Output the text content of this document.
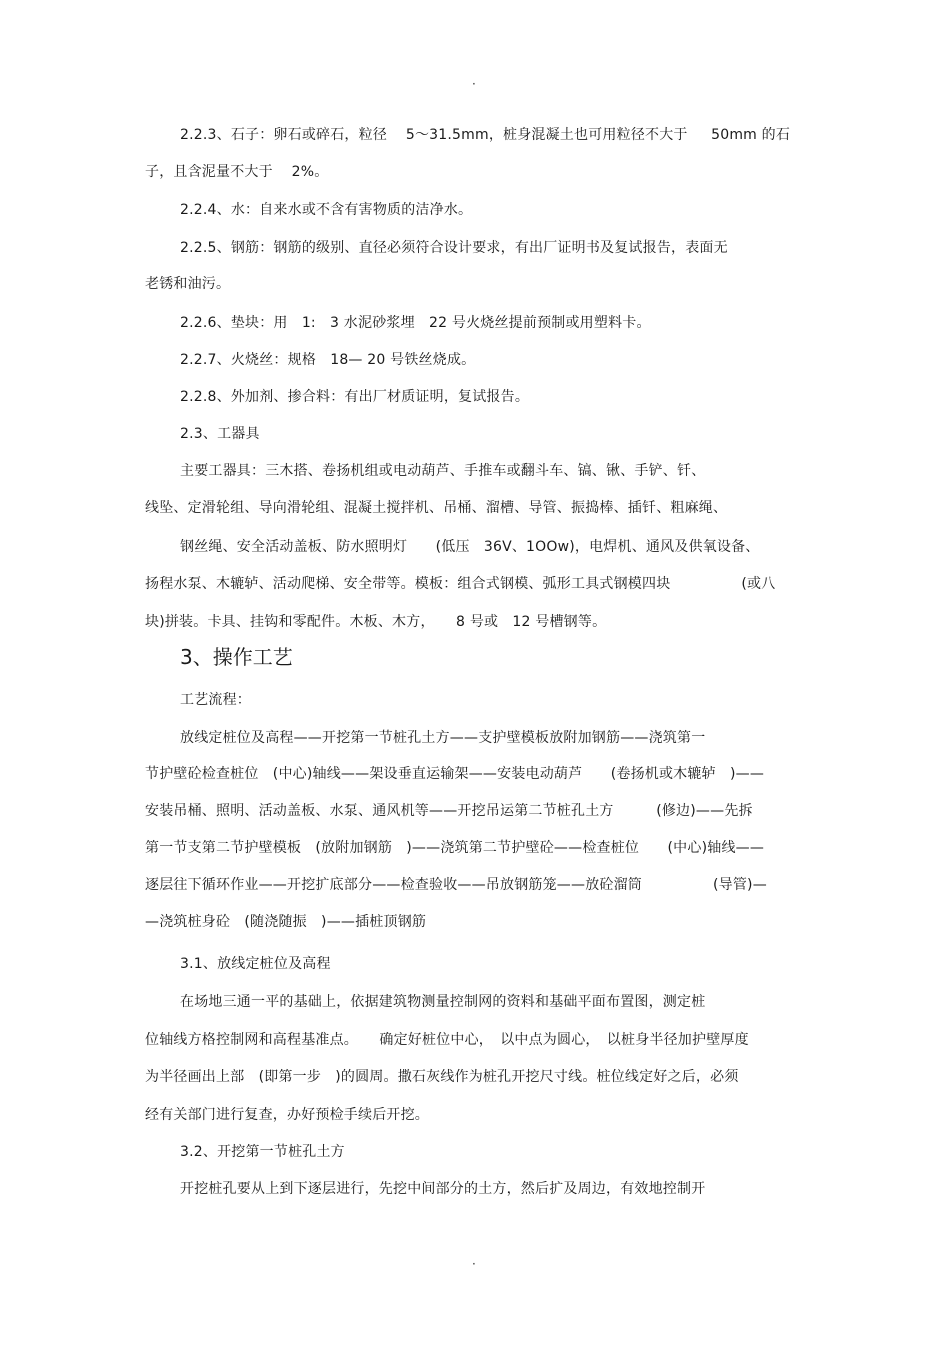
·
2.2.3、石子：卵石或碎石，粒径　 5～31.5mm，桩身混凝土也可用粒径不大于　  50mm 的石
子，且含泥量不大于　 2%。
2.2.4、水：自来水或不含有害物质的洁净水。
2.2.5、钢筋：钢筋的级别、直径必须符合设计要求，有出厂证明书及复试报告，表面无
老锈和油污。
2.2.6、垫块：用　1:　3 水泥砂浆埋　22 号火烧丝提前预制或用塑料卡。
2.2.7、火烧丝：规格　18— 20 号铁丝烧成。
2.2.8、外加剂、掺合料：有出厂材质证明，复试报告。
2.3、工器具
主要工器具：三木搭、卷扬机组或电动葫芦、手推车或翻斗车、镐、锹、手铲、钎、
线坠、定滑轮组、导向滑轮组、混凝土搅拌机、吊桶、溜槽、导管、振捣棒、插钎、粗麻绳、
钢丝绳、安全活动盖板、防水照明灯　　(低压　36V、1OOw)，电焊机、通风及供氧设备、
扬程水泵、木辘轳、活动爬梯、安全带等。模板：组合式钢模、弧形工具式钢模四块　　　　　(或八
块)拼装。卡具、挂钩和零配件。木板、木方，　　8 号或　12 号槽钢等。
3、操作工艺
工艺流程：
放线定桩位及高程——开挖第一节桩孔土方——支护壁模板放附加钢筋——浇筑第一
节护壁砼检查桩位　(中心)轴线——架设垂直运输架——安装电动葫芦　　(卷扬机或木辘轳　)——
安装吊桶、照明、活动盖板、水泵、通风机等——开挖吊运第二节桩孔土方　　　(修边)——先拆
第一节支第二节护壁模板　(放附加钢筋　)——浇筑第二节护壁砼——检查桩位　　(中心)轴线——
逐层往下循环作业——开挖扩底部分——检查验收——吊放钢筋笼——放砼溜筒　　　　　(导管)—
—浇筑桩身砼　(随浇随振　)——插桩顶钢筋
3.1、放线定桩位及高程
在场地三通一平的基础上，依据建筑物测量控制网的资料和基础平面布置图，测定桩
位轴线方格控制网和高程基准点。　　确定好桩位中心，　以中点为圆心，　以桩身半径加护壁厚度
为半径画出上部　(即第一步　)的圆周。撒石灰线作为桩孔开挖尺寸线。桩位线定好之后，必须
经有关部门进行复查，办好预检手续后开挖。
3.2、开挖第一节桩孔土方
开挖桩孔要从上到下逐层进行，先挖中间部分的土方，然后扩及周边，有效地控制开
·
